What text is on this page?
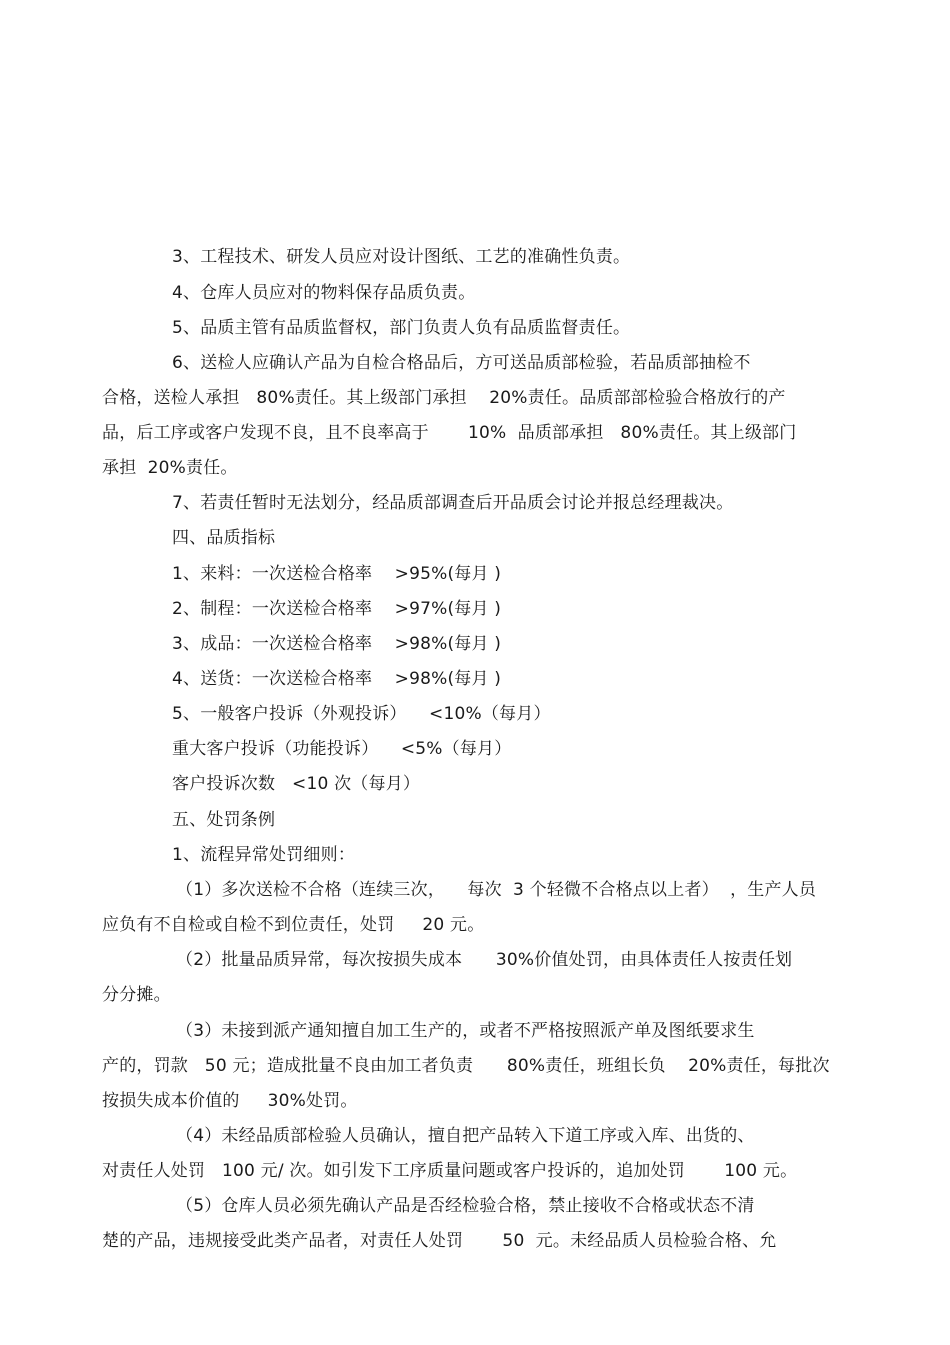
3、工程技术、研发人员应对设计图纸、工艺的准确性负责。
4、仓库人员应对的物料保存品质负责。
5、品质主管有品质监督权，部门负责人负有品质监督责任。
6、送检人应确认产品为自检合格品后，方可送品质部检验，若品质部抽检不
合格，送检人承担   80%责任。其上级部门承担    20%责任。品质部部检验合格放行的产
品，后工序或客户发现不良，且不良率高于       10%  品质部承担   80%责任。其上级部门
承担  20%责任。
7、若责任暂时无法划分，经品质部调查后开品质会讨论并报总经理裁决。
四、品质指标
1、来料：一次送检合格率    >95%(每月 )
2、制程：一次送检合格率    >97%(每月 )
3、成品：一次送检合格率    >98%(每月 )
4、送货：一次送检合格率    >98%(每月 )
5、一般客户投诉（外观投诉）    <10%（每月）
重大客户投诉（功能投诉）    <5%（每月）
客户投诉次数   <10 次（每月）
五、处罚条例
1、流程异常处罚细则：
（1）多次送检不合格（连续三次，    每次  3 个轻微不合格点以上者）  ，生产人员
应负有不自检或自检不到位责任，处罚     20 元。
（2）批量品质异常，每次按损失成本      30%价值处罚，由具体责任人按责任划
分分摊。
（3）未接到派产通知擅自加工生产的，或者不严格按照派产单及图纸要求生
产的，罚款   50 元；造成批量不良由加工者负责      80%责任，班组长负    20%责任，每批次
按损失成本价值的     30%处罚。
（4）未经品质部检验人员确认，擅自把产品转入下道工序或入库、出货的、
对责任人处罚   100 元/ 次。如引发下工序质量问题或客户投诉的，追加处罚       100 元。
（5）仓库人员必须先确认产品是否经检验合格，禁止接收不合格或状态不清
楚的产品，违规接受此类产品者，对责任人处罚       50  元。未经品质人员检验合格、允
